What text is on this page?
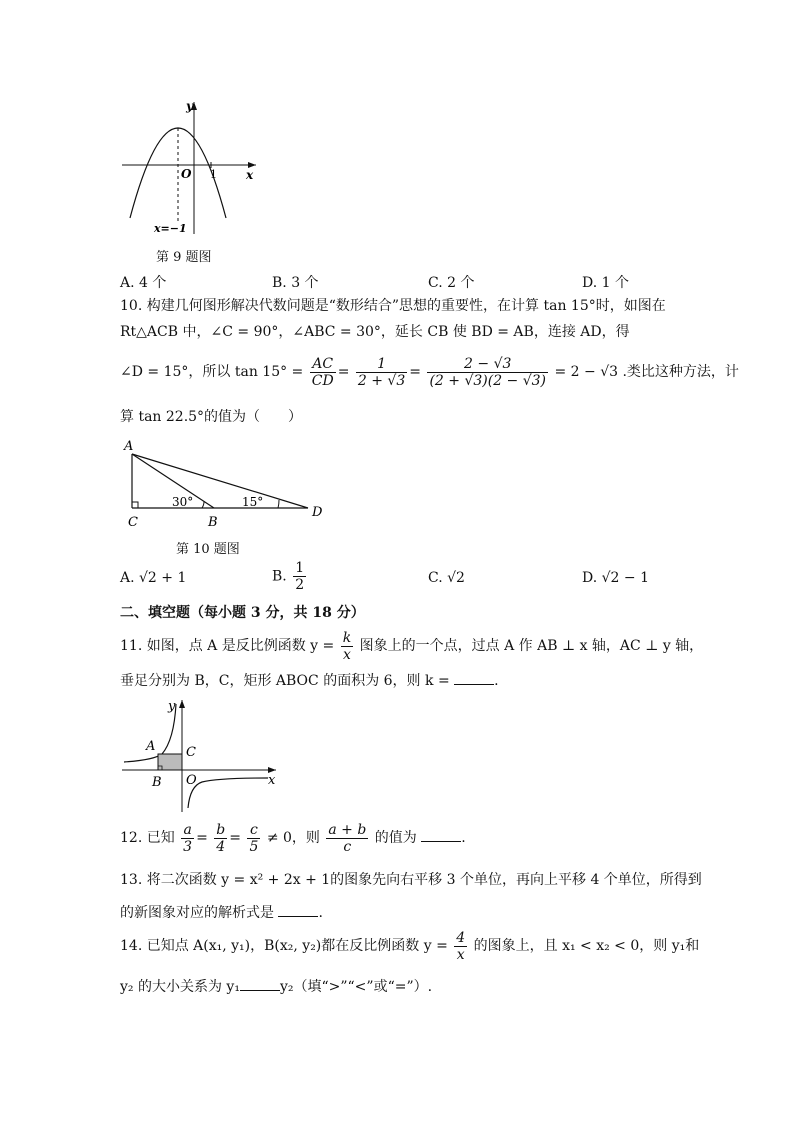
y
x
O 1
x=−1
第 9 题图
A. 4 个	B. 3 个	C. 2 个	D. 1 个
10. 构建几何图形解决代数问题是“数形结合”思想的重要性，在计算 tan 15°时，如图在
Rt△ACB 中，∠C = 90°，∠ABC = 30°，延长 CB 使 BD = AB，连接 AD，得
∠D = 15°，所以 $\tan 15^\circ = \frac{AC}{CD} = \frac{1}{2 + √3} = \frac{2 - √3}{(2 + √3)(2 - √3)} = 2 - √3$ .类比这种方法，计
算 tan 22.5°的值为（　　）
A
C	B
D
30°	15°
第 10 题图
A. √2 + 1	B. $\frac{1}{2}$	C. √2	D. √2 − 1
二、填空题（每小题 3 分，共 18 分）
11. 如图，点 A 是反比例函数 $y = \frac{k}{x}$ 图象上的一个点，过点 A 作 AB ⊥ x 轴，AC ⊥ y 轴，
垂足分别为 B，C，矩形 ABOC 的面积为 6，则 k =	.
y
x
A
B
C
O
12. 已知 $\frac{a}{3} = \frac{b}{4} = \frac{c}{5} \ne 0$，则 $\frac{a + b}{c}$ 的值为	.
13. 将二次函数 y = x² + 2x + 1的图象先向右平移 3 个单位，再向上平移 4 个单位，所得到
的新图象对应的解析式是	.
14. 已知点 A(x₁, y₁)，B(x₂, y₂)都在反比例函数 $y = \frac{4}{x}$ 的图象上，且 x₁ < x₂ < 0，则 y₁和
y₂ 的大小关系为 y₁	y₂（填“>”“<”或“=”）.
